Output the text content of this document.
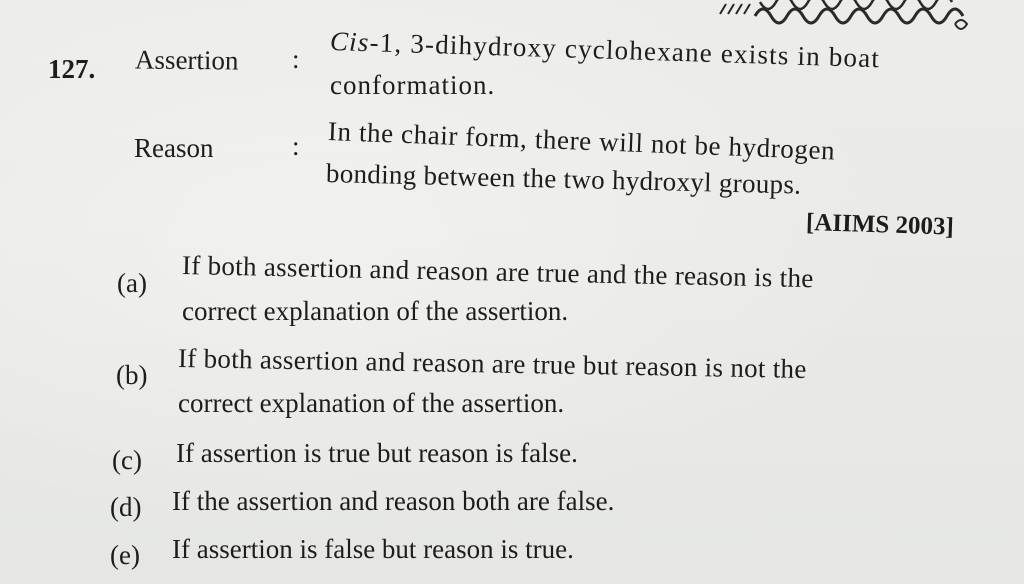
127. Assertion :
Cis-1, 3-dihydroxy cyclohexane exists in boat
conformation.
Reason	: In the chair form, there will not be hydrogen
bonding between the two hydroxyl groups.
[AIIMS 2003]
(a) If both assertion and reason are true and the reason is the
correct explanation of the assertion.
(b) If both assertion and reason are true but reason is not the
correct explanation of the assertion.
(c) If assertion is true but reason is false.
(d) If the assertion and reason both are false.
(e) If assertion is false but reason is true.
